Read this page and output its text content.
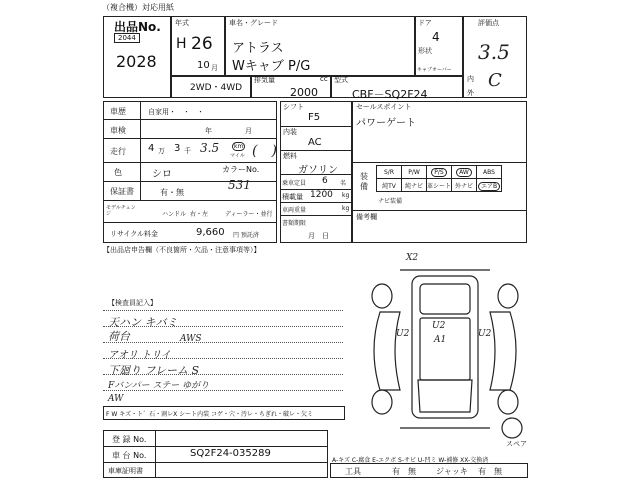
（複合機）対応用紙
出品No.
2044
2028
年式
H 26
10 月
車名・グレード
アトラス
Wキャブ P/G
ドア
4
形状
キャブオーバー
評価点
3.5
内 C
外
2WD・4WD
排気量
2000
cc 型式
CBF－SQ2F24
車歴	自家用・　・　・
車検	年	月
走行 4 万 3 千 3.5	km
マイル (　)
色	シロ	カラーNo.
531
保証書	有・無
モデルチェンジ	ハンドル 右・左	ディーラー・並行
リサイクル料金	9,660 円 預託済
シフト
F5
内装
AC
燃料
ガソリン
乗車定員 6 名
積載量 1200 kg
車両重量	kg
書類期限
月　日
セールスポイント
パワーゲート
装備
S/R	P/W	P/S	AW	ABS
純TV	純ナビ	革シート	外ナビ	エアB
ナビ装備
備考欄
【出品店申告欄（不良箇所・欠品・注意事項等）】
【検査員記入】
天ハン キバミ
荷台
アオリ トリイ
AWS
下廻り フレーム S
Fバンパー ステー ゆがり
AW
F W キズ・ト゛石・割レX シート内装 コゲ・穴・汚レ・ちぎれ・破レ・欠ミ
登 録 No.
車 台 No.	SQ2F24-035289
車庫証明書
A-キズ C-腐食 E-エクボ S-サビ U-凹ミ W-補修 XX-交換済
工具	有　無	ジャッキ 有　無
X2
U2
U2
U2
A1
スペア
